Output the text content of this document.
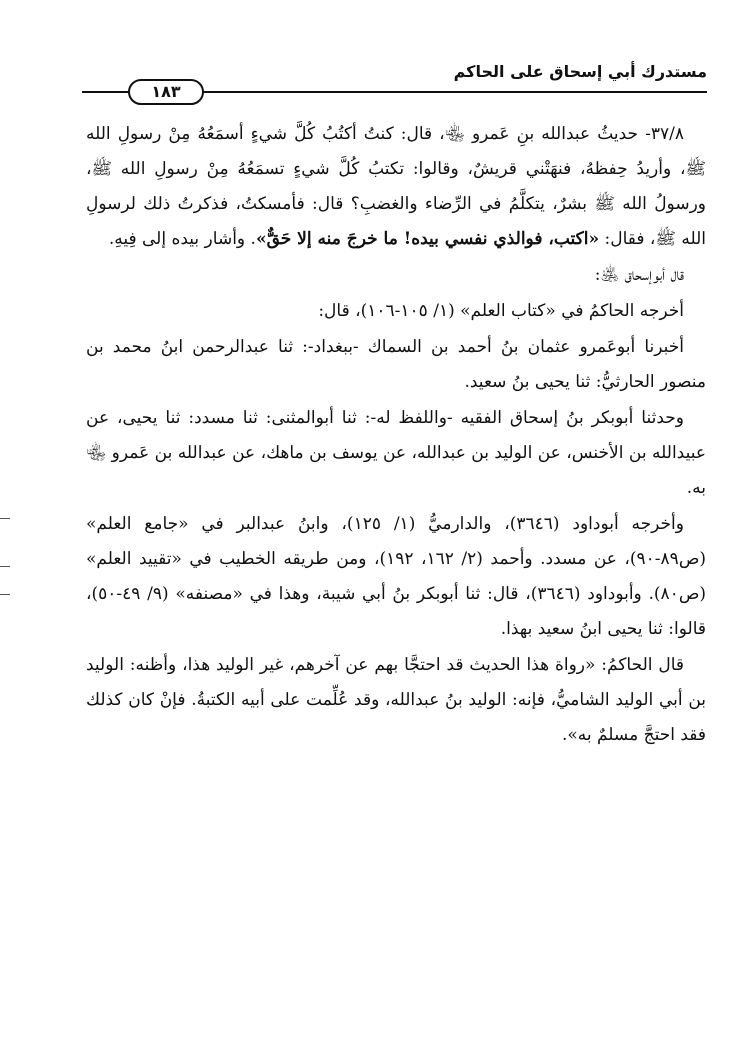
مستدرك أبي إسحاق على الحاكم
١٨٣

٣٧/٨- حديثُ عبدالله بنِ عَمرو ﵄، قال: كنتُ أكتُبُ كُلَّ شيءٍ أسمَعُهُ مِنْ رسولِ الله ﷺ، وأريدُ حِفظهُ، فنهَتْني قريشٌ، وقالوا: تكتبُ كُلَّ شيءٍ تسمَعُهُ مِنْ رسولِ الله ﷺ، ورسولُ الله ﷺ بشرٌ، يتكلَّمُ في الرِّضاء والغضبِ؟ قال: فأمسكتُ، فذكرتُ ذلك لرسولِ الله ﷺ، فقال: «اكتب، فوالذي نفسي بيده! ما خرجَ منه إلا حَقٌّ». وأشار بيده إلى فِيهِ.

قال أبوإسحاق ﵁:

أخرجه الحاكمُ في «كتاب العلم» (١/ ١٠٥-١٠٦)، قال:

أخبرنا أبوعَمرو عثمان بنُ أحمد بن السماك -ببغداد-: ثنا عبدالرحمن ابنُ محمد بن منصور الحارثيُّ: ثنا يحيى بنُ سعيد.

وحدثنا أبوبكر بنُ إسحاق الفقيه -واللفظ له-: ثنا أبوالمثنى: ثنا مسدد: ثنا يحيى، عن عبيدالله بن الأخنس، عن الوليد بن عبدالله، عن يوسف بن ماهك، عن عبدالله بن عَمرو ﵄ به.

وأخرجه أبوداود (٣٦٤٦)، والدارميُّ (١/ ١٢٥)، وابنُ عبدالبر في «جامع العلم» (ص٨٩-٩٠)، عن مسدد. وأحمد (٢/ ١٦٢، ١٩٢)، ومن طريقه الخطيب في «تقييد العلم» (ص٨٠). وأبوداود (٣٦٤٦)، قال: ثنا أبوبكر بنُ أبي شيبة، وهذا في «مصنفه» (٩/ ٤٩-٥٠)، قالوا: ثنا يحيى ابنُ سعيد بهذا.

قال الحاكمُ: «رواة هذا الحديث قد احتجَّا بهم عن آخرهم، غير الوليد هذا، وأظنه: الوليد بن أبي الوليد الشاميُّ، فإنه: الوليد بنُ عبدالله، وقد عُلِّمت على أبيه الكتبةُ. فإنْ كان كذلك فقد احتجَّ مسلمٌ به».
